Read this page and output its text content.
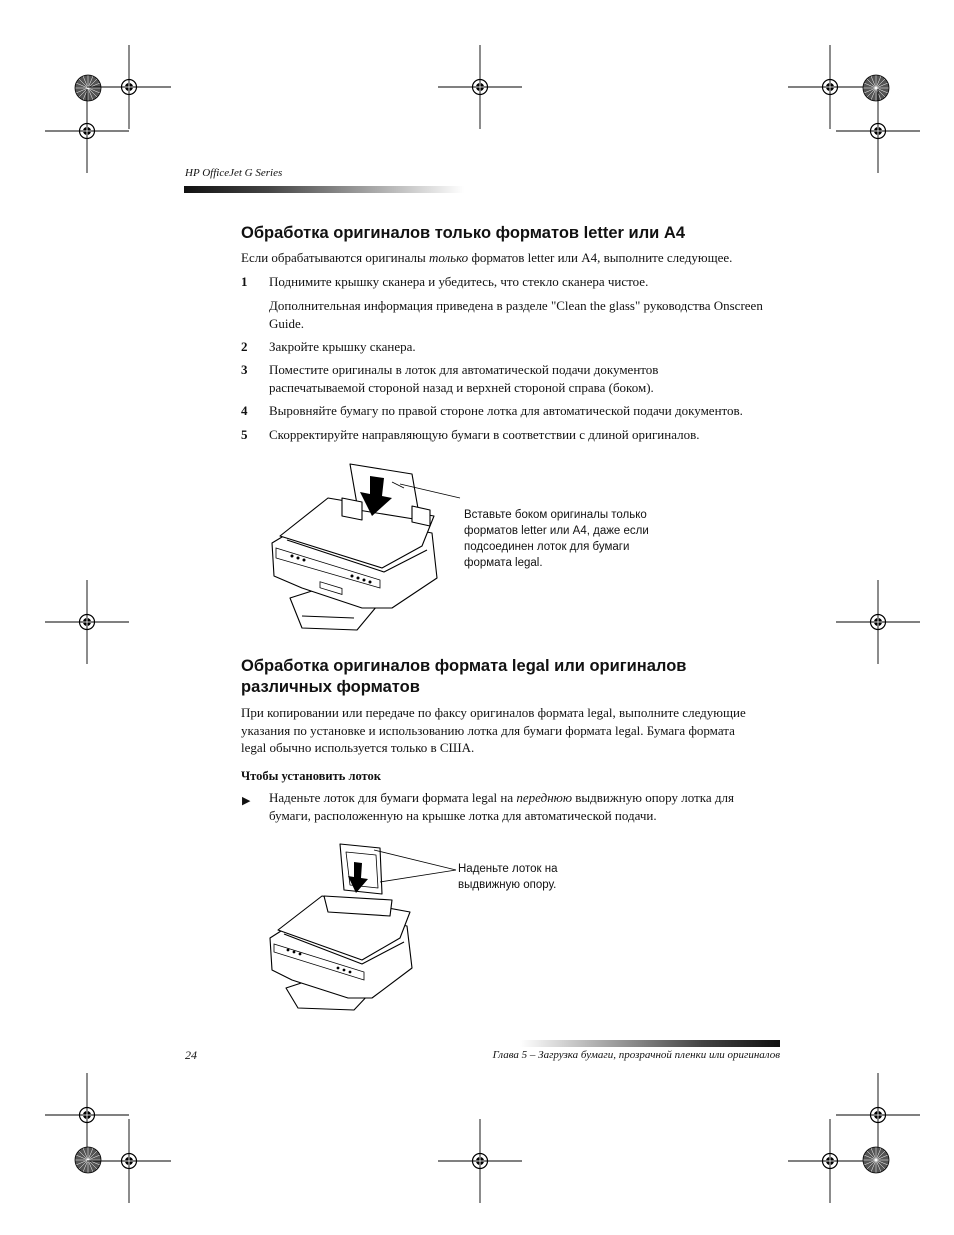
HP OfficeJet G Series
Обработка оригиналов только форматов letter или A4
Если обрабатываются оригиналы только форматов letter или A4, выполните следующее.
1 Поднимите крышку сканера и убедитесь, что стекло сканера чистое.
Дополнительная информация приведена в разделе "Clean the glass" руководства Onscreen Guide.
2 Закройте крышку сканера.
3 Поместите оригиналы в лоток для автоматической подачи документов распечатываемой стороной назад и верхней стороной справа (боком).
4 Выровняйте бумагу по правой стороне лотка для автоматической подачи документов.
5 Скорректируйте направляющую бумаги в соответствии с длиной оригиналов.
Вставьте боком оригиналы только форматов letter или A4, даже если подсоединен лоток для бумаги формата legal.
Обработка оригиналов формата legal или оригиналов различных форматов
При копировании или передаче по факсу оригиналов формата legal, выполните следующие указания по установке и использованию лотка для бумаги формата legal. Бумага формата legal обычно используется только в США.
Чтобы установить лоток
▶ Наденьте лоток для бумаги формата legal на переднюю выдвижную опору лотка для бумаги, расположенную на крышке лотка для автоматической подачи.
Наденьте лоток на выдвижную опору.
24	Глава 5 – Загрузка бумаги, прозрачной пленки или оригиналов
